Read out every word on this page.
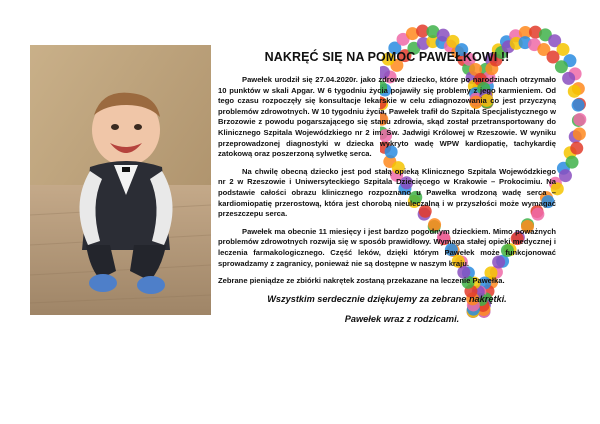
NAKRĘĆ SIĘ NA POMOC PAWEŁKOWI !!

Pawełek urodził się 27.04.2020r. jako zdrowe dziecko, które po narodzinach otrzymało 10 punktów w skali Apgar. W 6 tygodniu życia pojawiły się problemy z jego karmieniem. Od tego czasu rozpoczęły się konsultacje lekarskie w celu zdiagnozowania co jest przyczyną problemów zdrowotnych. W 10 tygodniu życia, Pawełek trafił do Szpitala Specjalistycznego w Brzozowie z powodu pogarszającego się stanu zdrowia, skąd został przetransportowany do Klinicznego Szpitala Wojewódzkiego nr 2 im. Św. Jadwigi Królowej w Rzeszowie. W wyniku przeprowadzonej diagnostyki w dziecka wykryto wadę WPW kardiopatię, tachykardię zatokową oraz poszerzoną sylwetkę serca.

Na chwilę obecną dziecko jest pod stałą opieką Klinicznego Szpitala Wojewódzkiego nr 2 w Rzeszowie i Uniwersyteckiego Szpitala Dziecięcego w Krakowie – Prokocimiu. Na podstawie całości obrazu klinicznego rozpoznano u Pawełka wrodzoną wadę serca – kardiomiopatię przerostową, która jest chorobą nieuleczalną i w przyszłości może wymagać przeszczepu serca.

Pawełek ma obecnie 11 miesięcy i jest bardzo pogodnym dzieckiem. Mimo poważnych problemów zdrowotnych rozwija się w sposób prawidłowy. Wymaga stałej opieki medycznej i leczenia farmakologicznego. Część leków, dzięki którym Pawełek może funkcjonować sprowadzamy z zagranicy, ponieważ nie są dostępne w naszym kraju.

Zebrane pieniądze ze zbiórki nakrętek zostaną przekazane na leczenie Pawełka.

Wszystkim serdecznie dziękujemy za zebrane nakrętki.

Pawełek wraz z rodzicami.
